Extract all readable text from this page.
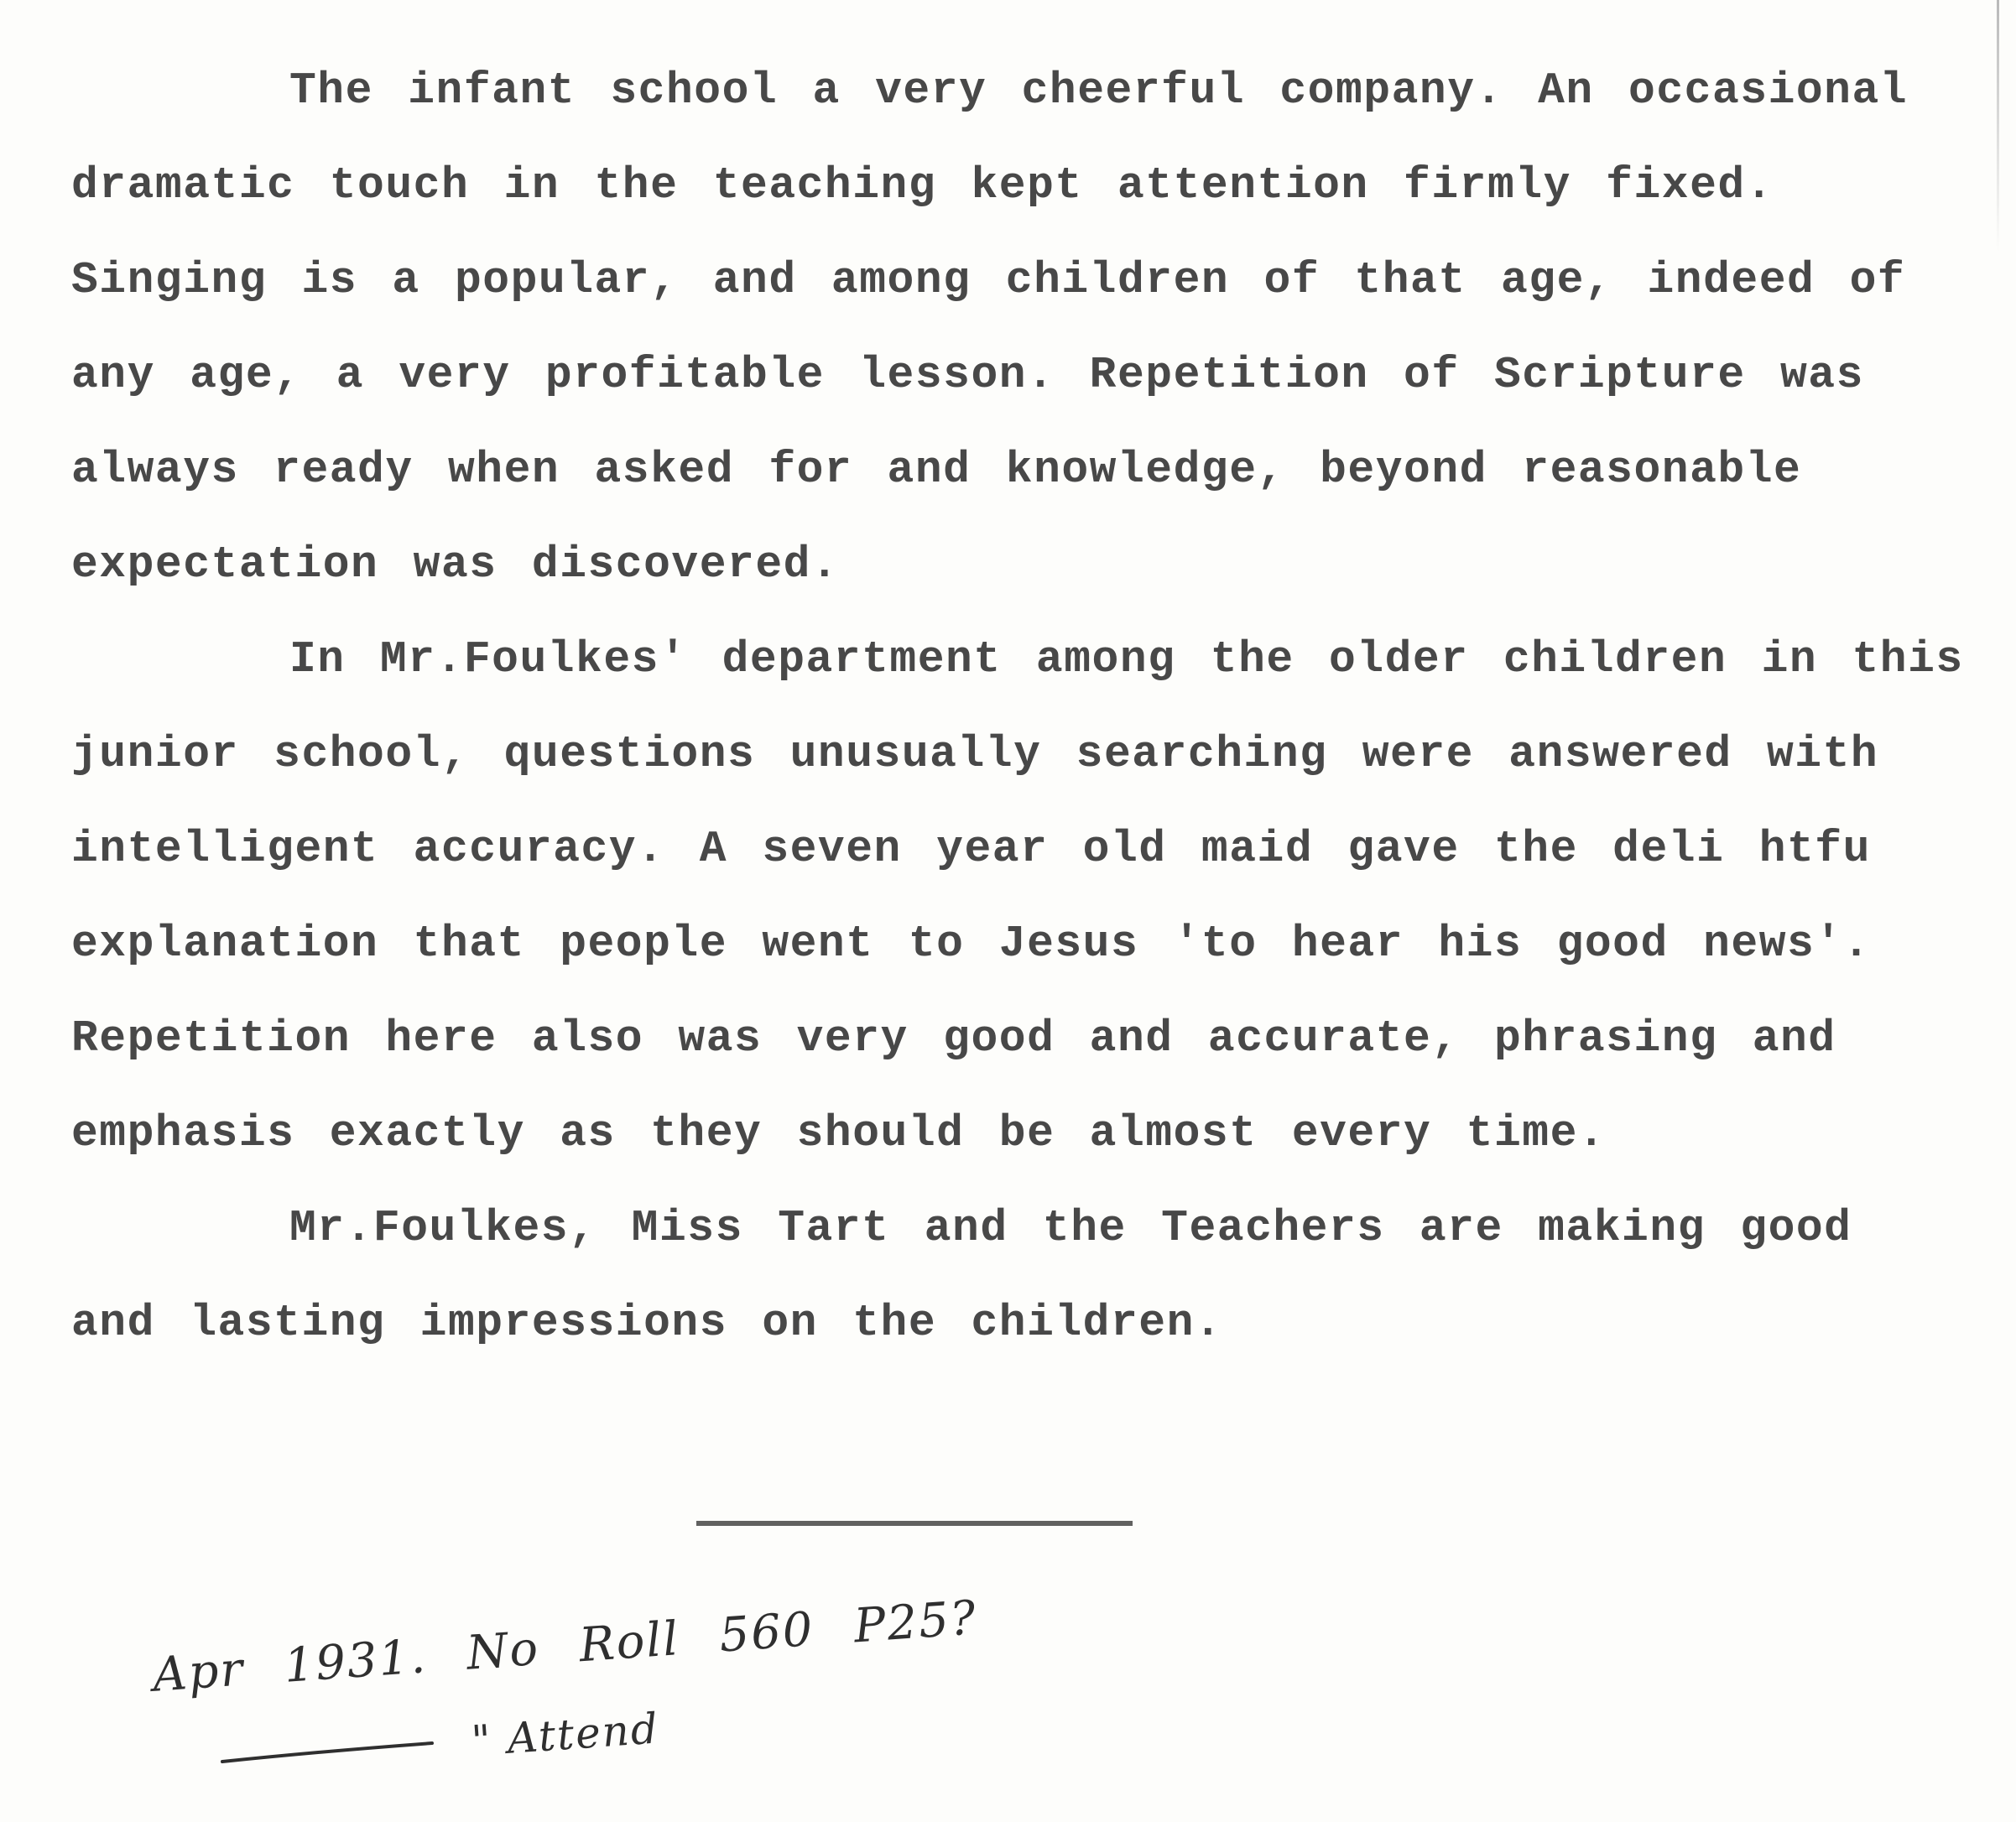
The infant school a very cheerful company. An occasional dramatic touch in the teaching kept attention firmly fixed. Singing is a popular, and among children of that age, indeed of any age, a very profitable lesson. Repetition of Scripture was always ready when asked for and knowledge, beyond reasonable expectation was discovered.

In Mr.Foulkes' department among the older children in this junior school, questions unusually searching were answered with intelligent accuracy. A seven year old maid gave the deli htfu explanation that people went to Jesus 'to hear his good news'. Repetition here also was very good and accurate, phrasing and emphasis exactly as they should be almost every time.

Mr.Foulkes, Miss Tart and the Teachers are making good and lasting impressions on the children.

Apr 1931. No Roll 560 P25?
" Attend
